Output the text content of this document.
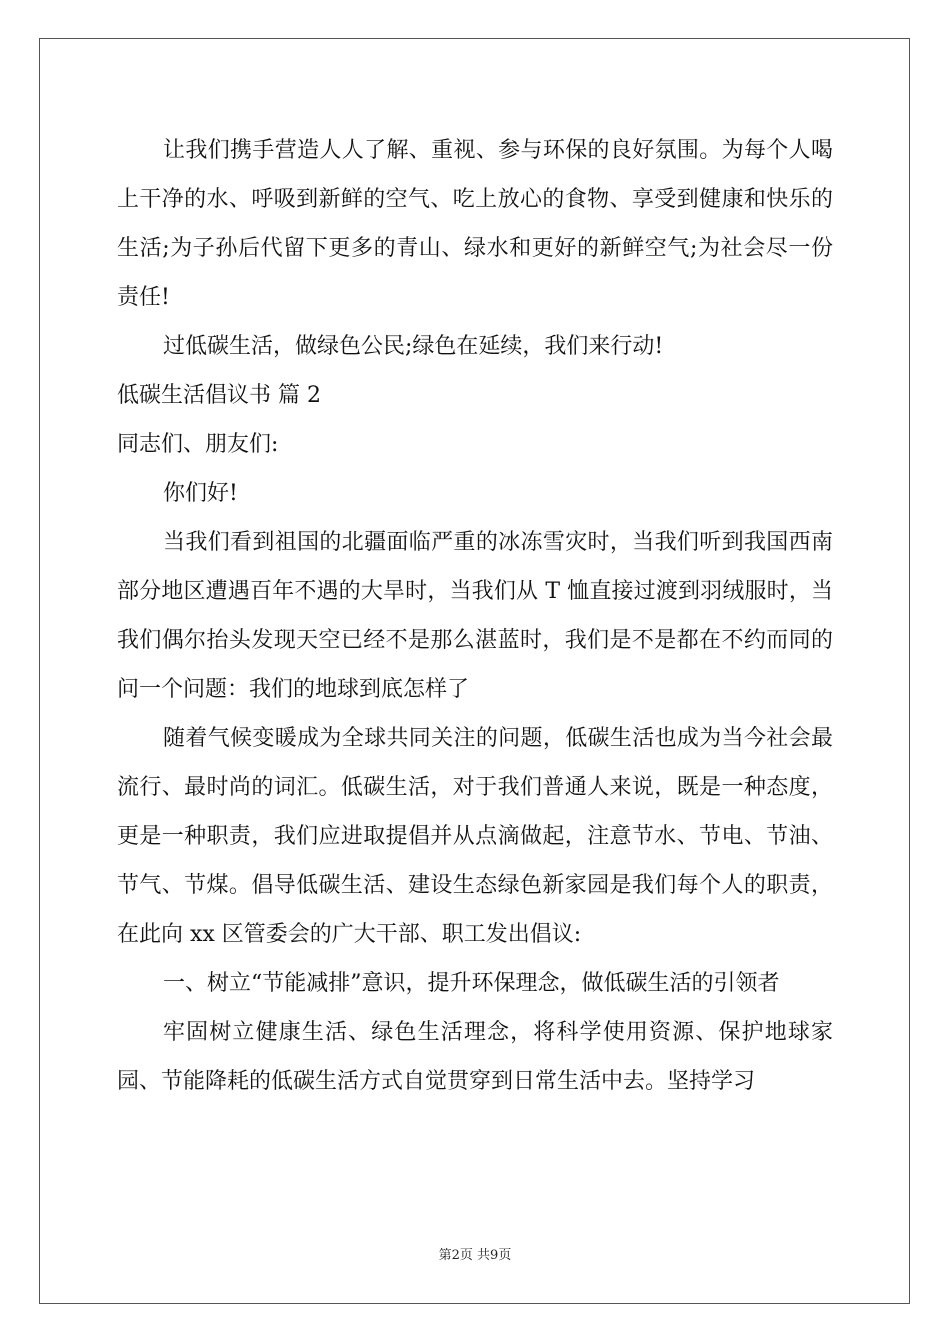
让我们携手营造人人了解、重视、参与环保的良好氛围。为每个人喝上干净的水、呼吸到新鲜的空气、吃上放心的食物、享受到健康和快乐的生活;为子孙后代留下更多的青山、绿水和更好的新鲜空气;为社会尽一份责任!

过低碳生活，做绿色公民;绿色在延续，我们来行动!

低碳生活倡议书 篇 2

同志们、朋友们:

你们好!

当我们看到祖国的北疆面临严重的冰冻雪灾时，当我们听到我国西南部分地区遭遇百年不遇的大旱时，当我们从 T 恤直接过渡到羽绒服时，当我们偶尔抬头发现天空已经不是那么湛蓝时，我们是不是都在不约而同的问一个问题：我们的地球到底怎样了

随着气候变暖成为全球共同关注的问题，低碳生活也成为当今社会最流行、最时尚的词汇。低碳生活，对于我们普通人来说，既是一种态度，更是一种职责，我们应进取提倡并从点滴做起，注意节水、节电、节油、节气、节煤。倡导低碳生活、建设生态绿色新家园是我们每个人的职责，在此向 xx 区管委会的广大干部、职工发出倡议:

一、树立“节能减排”意识，提升环保理念，做低碳生活的引领者

牢固树立健康生活、绿色生活理念，将科学使用资源、保护地球家园、节能降耗的低碳生活方式自觉贯穿到日常生活中去。坚持学习

第2页 共9页
